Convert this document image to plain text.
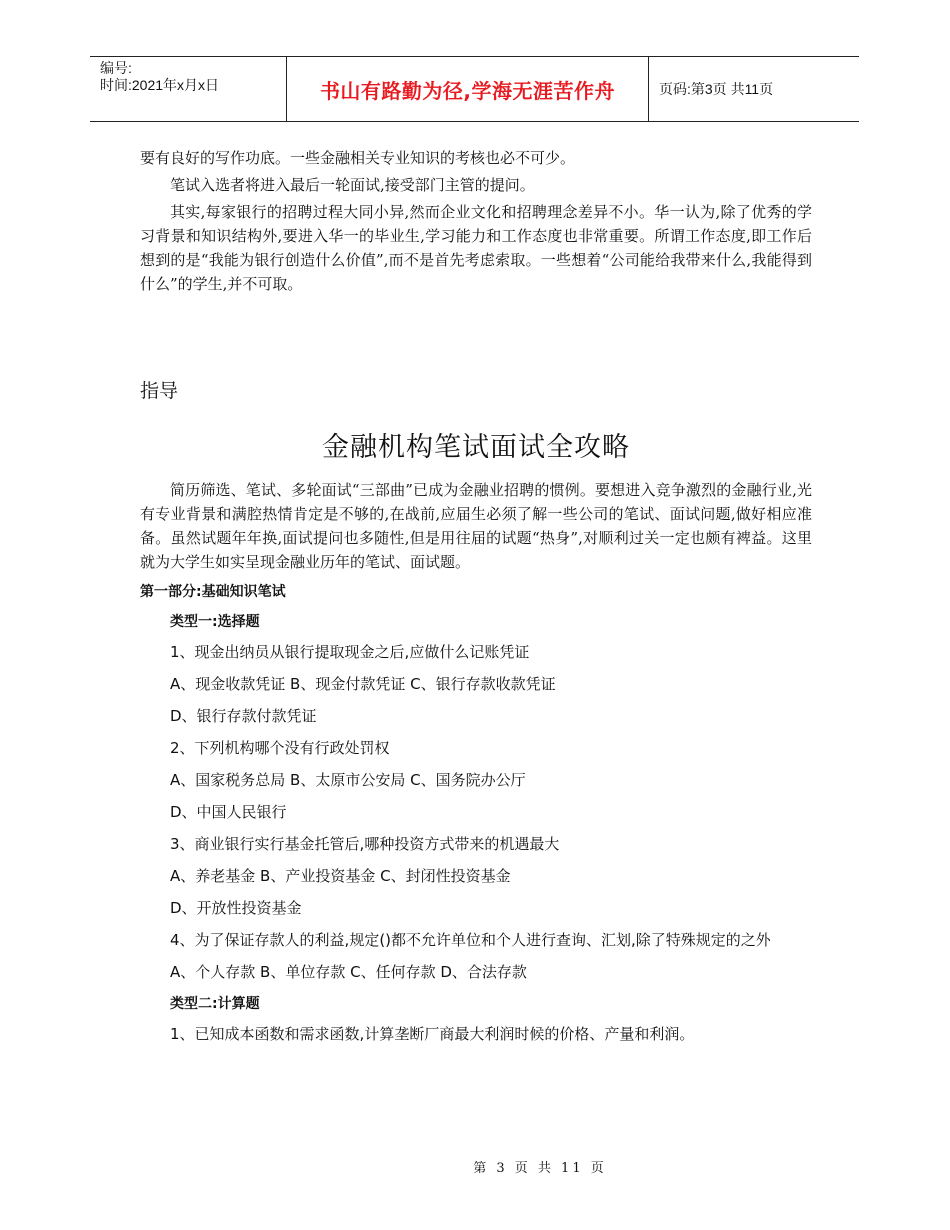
编号:
时间:2021年x月x日	书山有路勤为径,学海无涯苦作舟	页码:第3页 共11页

要有良好的写作功底。一些金融相关专业知识的考核也必不可少。

笔试入选者将进入最后一轮面试,接受部门主管的提问。

其实,每家银行的招聘过程大同小异,然而企业文化和招聘理念差异不小。华一认为,除了优秀的学习背景和知识结构外,要进入华一的毕业生,学习能力和工作态度也非常重要。所谓工作态度,即工作后想到的是“我能为银行创造什么价值”,而不是首先考虑索取。一些想着“公司能给我带来什么,我能得到什么”的学生,并不可取。

指导
金融机构笔试面试全攻略

简历筛选、笔试、多轮面试“三部曲”已成为金融业招聘的惯例。要想进入竞争激烈的金融行业,光有专业背景和满腔热情肯定是不够的,在战前,应届生必须了解一些公司的笔试、面试问题,做好相应准备。虽然试题年年换,面试提问也多随性,但是用往届的试题“热身”,对顺利过关一定也颇有裨益。这里就为大学生如实呈现金融业历年的笔试、面试题。

第一部分:基础知识笔试
类型一:选择题

1、现金出纳员从银行提取现金之后,应做什么记账凭证

A、现金收款凭证 B、现金付款凭证 C、银行存款收款凭证

D、银行存款付款凭证

2、下列机构哪个没有行政处罚权

A、国家税务总局 B、太原市公安局 C、国务院办公厅

D、中国人民银行

3、商业银行实行基金托管后,哪种投资方式带来的机遇最大

A、养老基金 B、产业投资基金 C、封闭性投资基金

D、开放性投资基金

4、为了保证存款人的利益,规定()都不允许单位和个人进行查询、汇划,除了特殊规定的之外

A、个人存款 B、单位存款 C、任何存款 D、合法存款

类型二:计算题

1、已知成本函数和需求函数,计算垄断厂商最大利润时候的价格、产量和利润。

第 3 页 共 11 页
